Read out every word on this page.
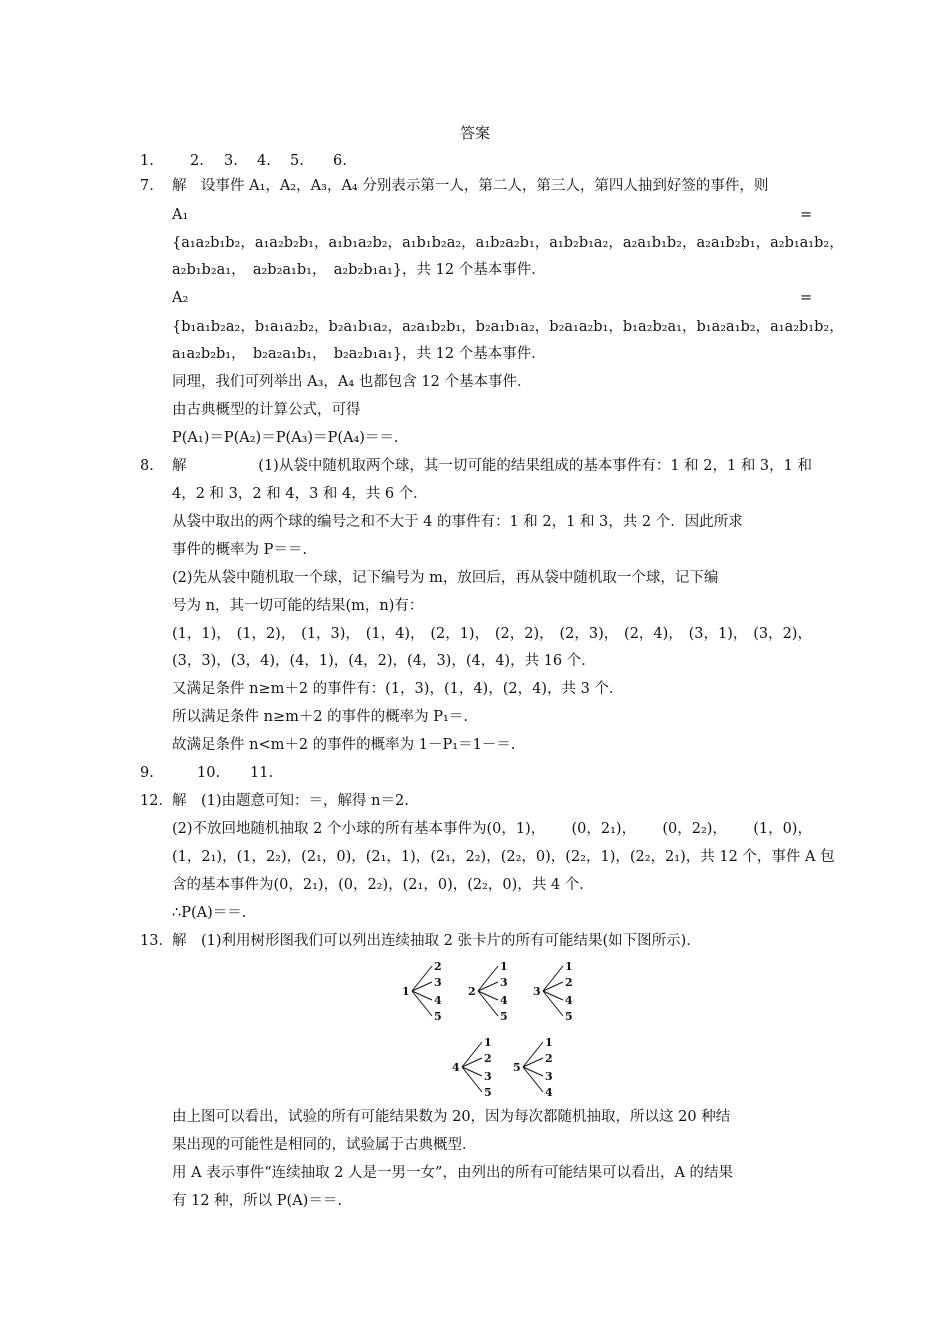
答案
1. 2. 3. 4. 5. 6.
7． 解　设事件 A₁，A₂，A₃，A₄ 分别表示第一人，第二人，第三人，第四人抽到好签的事件，则
A₁	=
{a₁a₂b₁b₂， a₁a₂b₂b₁， a₁b₁a₂b₂， a₁b₁b₂a₂， a₁b₂a₂b₁， a₁b₂b₁a₂， a₂a₁b₁b₂， a₂a₁b₂b₁， a₂b₁a₁b₂，
a₂b₁b₂a₁，　a₂b₂a₁b₁，　a₂b₂b₁a₁}，共 12 个基本事件．
A₂	=
{b₁a₁b₂a₂， b₁a₁a₂b₂， b₂a₁b₁a₂， a₂a₁b₂b₁， b₂a₁b₁a₂， b₂a₁a₂b₁， b₁a₂b₂a₁， b₁a₂a₁b₂， a₁a₂b₁b₂，
a₁a₂b₂b₁，　b₂a₂a₁b₁，　b₂a₂b₁a₁}，共 12 个基本事件．
同理，我们可列举出 A₃，A₄ 也都包含 12 个基本事件．
由古典概型的计算公式，可得
P(A₁)＝P(A₂)＝P(A₃)＝P(A₄)＝＝.
8． 解	(1)从袋中随机取两个球，其一切可能的结果组成的基本事件有：1 和 2，1 和 3，1 和
4，2 和 3，2 和 4，3 和 4，共 6 个．
从袋中取出的两个球的编号之和不大于 4 的事件有：1 和 2，1 和 3，共 2 个．因此所求
事件的概率为 P＝＝.
(2)先从袋中随机取一个球，记下编号为 m，放回后，再从袋中随机取一个球，记下编
号为 n，其一切可能的结果(m，n)有：
(1，1)， (1，2)， (1，3)， (1，4)， (2，1)， (2，2)， (2，3)， (2，4)， (3，1)， (3，2)，
(3，3)，(3，4)，(4，1)，(4，2)，(4，3)，(4，4)，共 16 个．
又满足条件 n≥m＋2 的事件有：(1，3)，(1，4)，(2，4)，共 3 个．
所以满足条件 n≥m＋2 的事件的概率为 P₁＝.
故满足条件 n<m＋2 的事件的概率为 1－P₁＝1－＝.
9.	10. 11.
12． 解　(1)由题意可知：＝，解得 n＝2.
(2)不放回地随机抽取 2 个小球的所有基本事件为(0，1)， (0，2₁)， (0，2₂)， (1，0)，
(1，2₁)， (1，2₂)， (2₁，0)， (2₁，1)， (2₁，2₂)， (2₂，0)， (2₂，1)， (2₂，2₁)，共 12 个，事件 A 包
含的基本事件为(0，2₁)，(0，2₂)，(2₁，0)，(2₂，0)，共 4 个．
∴P(A)＝＝.
13． 解　(1)利用树形图我们可以列出连续抽取 2 张卡片的所有可能结果(如下图所示)．
1
2
3
4
5
2
1
3
4
5
3
1
2
4
5
4
1
2
3
5
5
1
2
3
4
由上图可以看出，试验的所有可能结果数为 20，因为每次都随机抽取，所以这 20 种结
果出现的可能性是相同的，试验属于古典概型．
用 A 表示事件“连续抽取 2 人是一男一女”，由列出的所有可能结果可以看出，A 的结果
有 12 种，所以 P(A)＝＝.
